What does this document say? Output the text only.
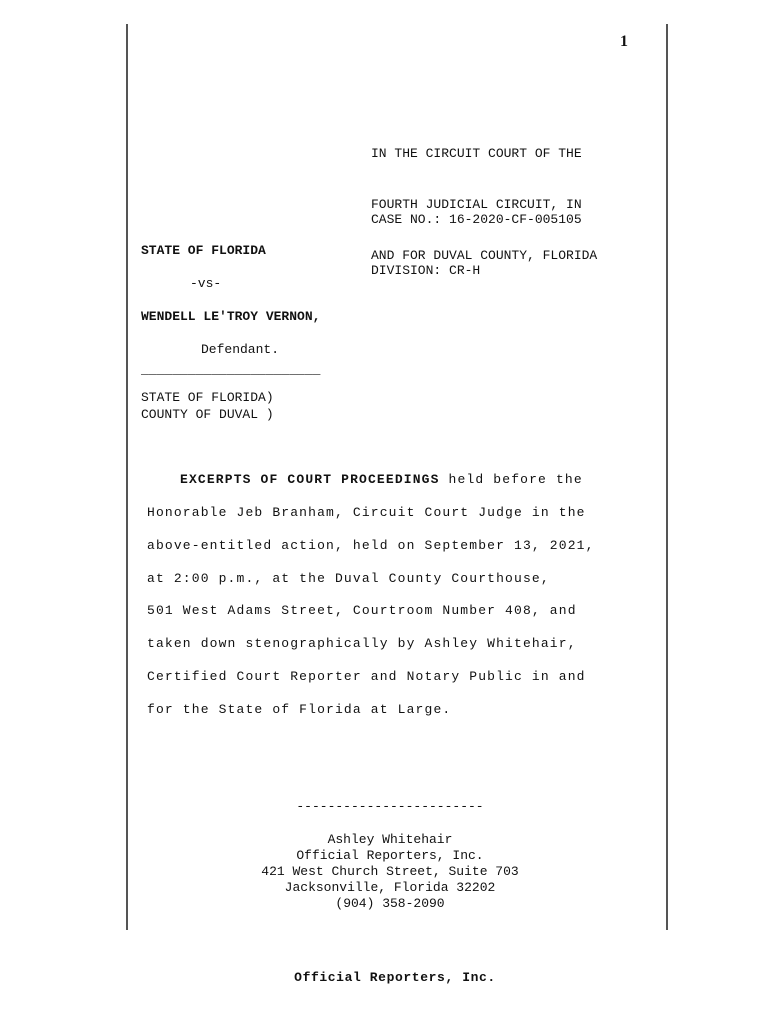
1

IN THE CIRCUIT COURT OF THE

FOURTH JUDICIAL CIRCUIT, IN

AND FOR DUVAL COUNTY, FLORIDA

CASE NO.: 16-2020-CF-005105

DIVISION: CR-H

STATE OF FLORIDA
-vs-
WENDELL LE'TROY VERNON,
Defendant.
_______________________
STATE OF FLORIDA)
COUNTY OF DUVAL )
EXCERPTS OF COURT PROCEEDINGS held before the
Honorable Jeb Branham, Circuit Court Judge in the
above-entitled action, held on September 13, 2021,
at 2:00 p.m., at the Duval County Courthouse,
501 West Adams Street, Courtroom Number 408, and
taken down stenographically by Ashley Whitehair,
Certified Court Reporter and Notary Public in and
for the State of Florida at Large.
------------------------
Ashley Whitehair
Official Reporters, Inc.
421 West Church Street, Suite 703
Jacksonville, Florida 32202
(904) 358-2090
Official Reporters, Inc.
